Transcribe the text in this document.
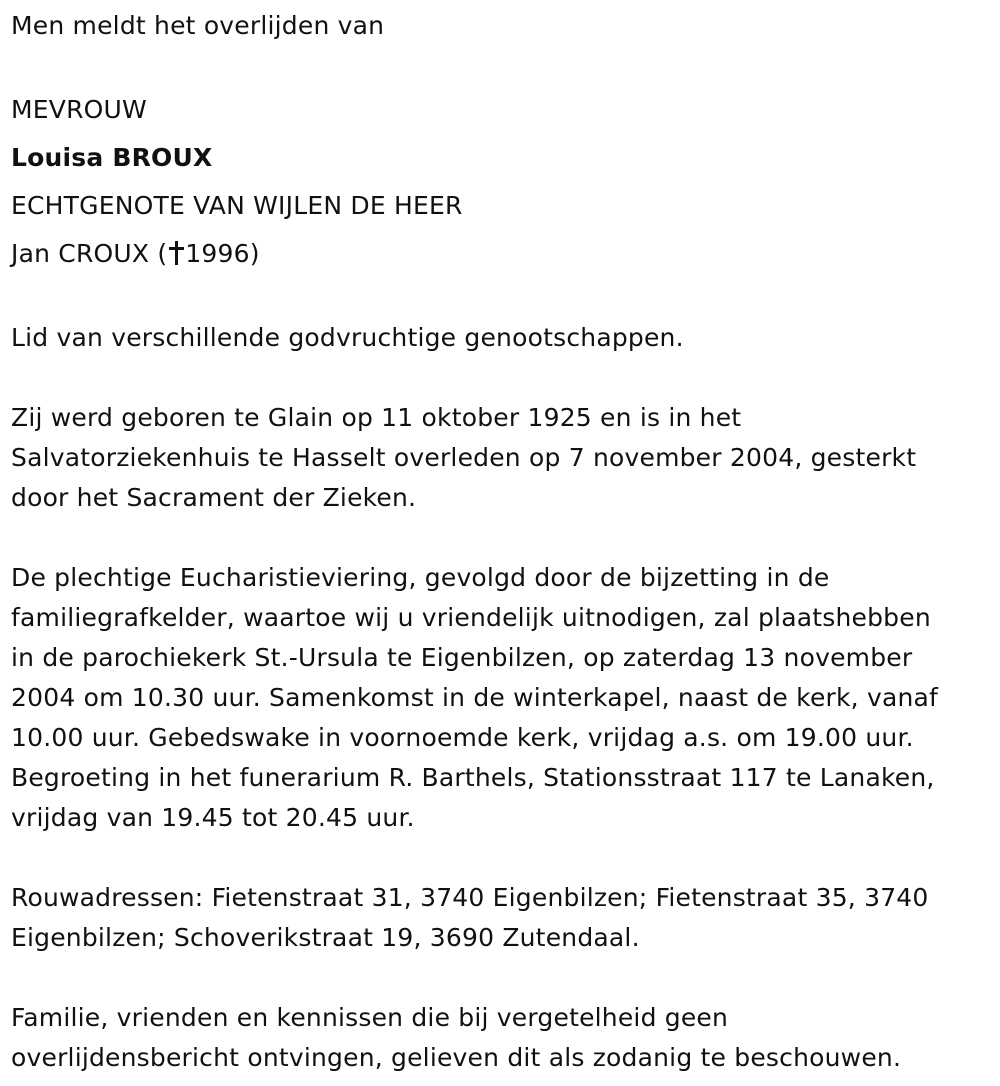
Men meldt het overlijden van
MEVROUW
Louisa BROUX
ECHTGENOTE VAN WIJLEN DE HEER
Jan CROUX ( 1996)
Lid van verschillende godvruchtige genootschappen.
Zij werd geboren te Glain op 11 oktober 1925 en is in het
Salvatorziekenhuis te Hasselt overleden op 7 november 2004, gesterkt
door het Sacrament der Zieken.
De plechtige Eucharistieviering, gevolgd door de bijzetting in de
familiegrafkelder, waartoe wij u vriendelijk uitnodigen, zal plaatshebben
in de parochiekerk St.-Ursula te Eigenbilzen, op zaterdag 13 november
2004 om 10.30 uur. Samenkomst in de winterkapel, naast de kerk, vanaf
10.00 uur. Gebedswake in voornoemde kerk, vrijdag a.s. om 19.00 uur.
Begroeting in het funerarium R. Barthels, Stationsstraat 117 te Lanaken,
vrijdag van 19.45 tot 20.45 uur.
Rouwadressen: Fietenstraat 31, 3740 Eigenbilzen; Fietenstraat 35, 3740
Eigenbilzen; Schoverikstraat 19, 3690 Zutendaal.
Familie, vrienden en kennissen die bij vergetelheid geen
overlijdensbericht ontvingen, gelieven dit als zodanig te beschouwen.
